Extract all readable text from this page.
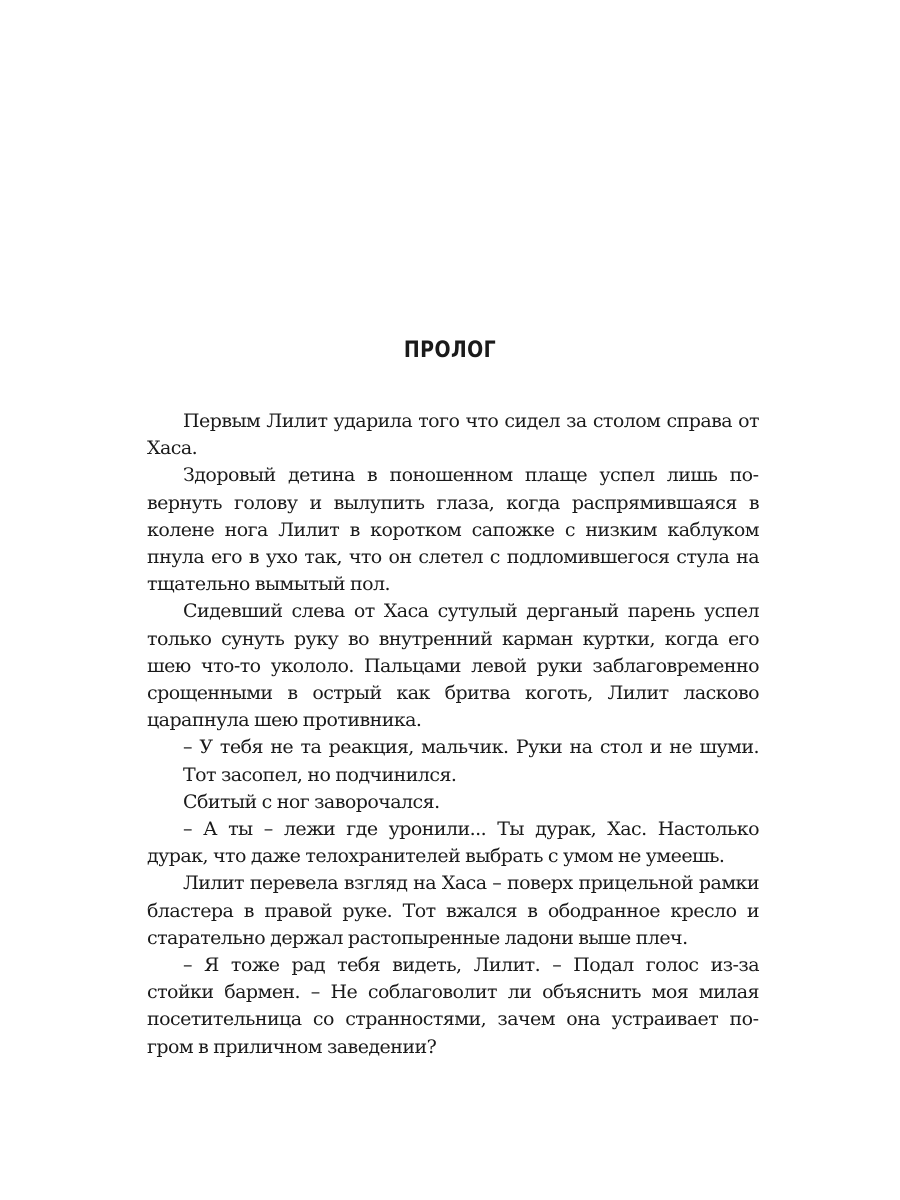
ПРОЛОГ

Первым Лилит ударила того что сидел за столом справа от Хаса.

Здоровый детина в поношенном плаще успел лишь повернуть голову и вылупить глаза, когда распрямившаяся в колене нога Лилит в коротком сапожке с низким каблуком пнула его в ухо так, что он слетел с подломившегося стула на тщательно вымытый пол.

Сидевший слева от Хаса сутулый дерганый парень успел только сунуть руку во внутренний карман куртки, когда его шею что-то укололо. Пальцами левой руки заблаговременно срощенными в острый как бритва коготь, Лилит ласково царапнула шею противника.

– У тебя не та реакция, мальчик. Руки на стол и не шуми.

Тот засопел, но подчинился.

Сбитый с ног заворочался.

– А ты – лежи где уронили... Ты дурак, Хас. Настолько дурак, что даже телохранителей выбрать с умом не умеешь.

Лилит перевела взгляд на Хаса – поверх прицельной рамки бластера в правой руке. Тот вжался в ободранное кресло и старательно держал растопыренные ладони выше плеч.

– Я тоже рад тебя видеть, Лилит. – Подал голос из-за стойки бармен. – Не соблаговолит ли объяснить моя милая посетительница со странностями, зачем она устраивает погром в приличном заведении?
